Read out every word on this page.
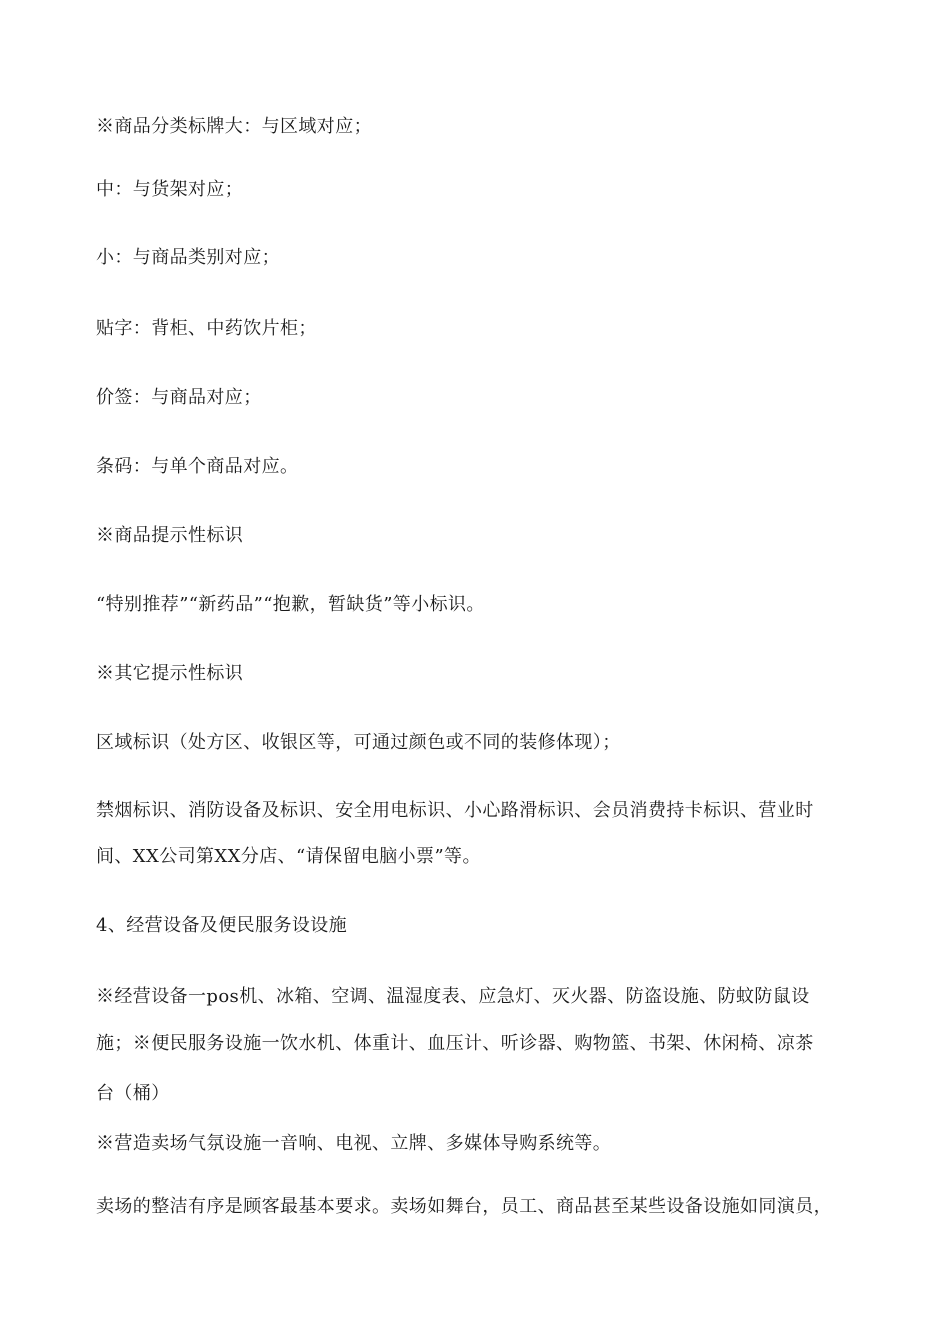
※商品分类标牌大：与区域对应；
中：与货架对应；
小：与商品类别对应；
贴字：背柜、中药饮片柜；
价签：与商品对应；
条码：与单个商品对应。
※商品提示性标识
“特别推荐”“新药品”“抱歉，暂缺货”等小标识。
※其它提示性标识
区域标识（处方区、收银区等，可通过颜色或不同的装修体现）；
禁烟标识、消防设备及标识、安全用电标识、小心路滑标识、会员消费持卡标识、营业时
间、XX公司第XX分店、“请保留电脑小票”等。
4、经营设备及便民服务设设施
※经营设备一pos机、冰箱、空调、温湿度表、应急灯、灭火器、防盗设施、防蚊防鼠设
施；※便民服务设施一饮水机、体重计、血压计、听诊器、购物篮、书架、休闲椅、凉茶
台（桶）
※营造卖场气氛设施一音响、电视、立牌、多媒体导购系统等。
卖场的整洁有序是顾客最基本要求。卖场如舞台，员工、商品甚至某些设备设施如同演员，
